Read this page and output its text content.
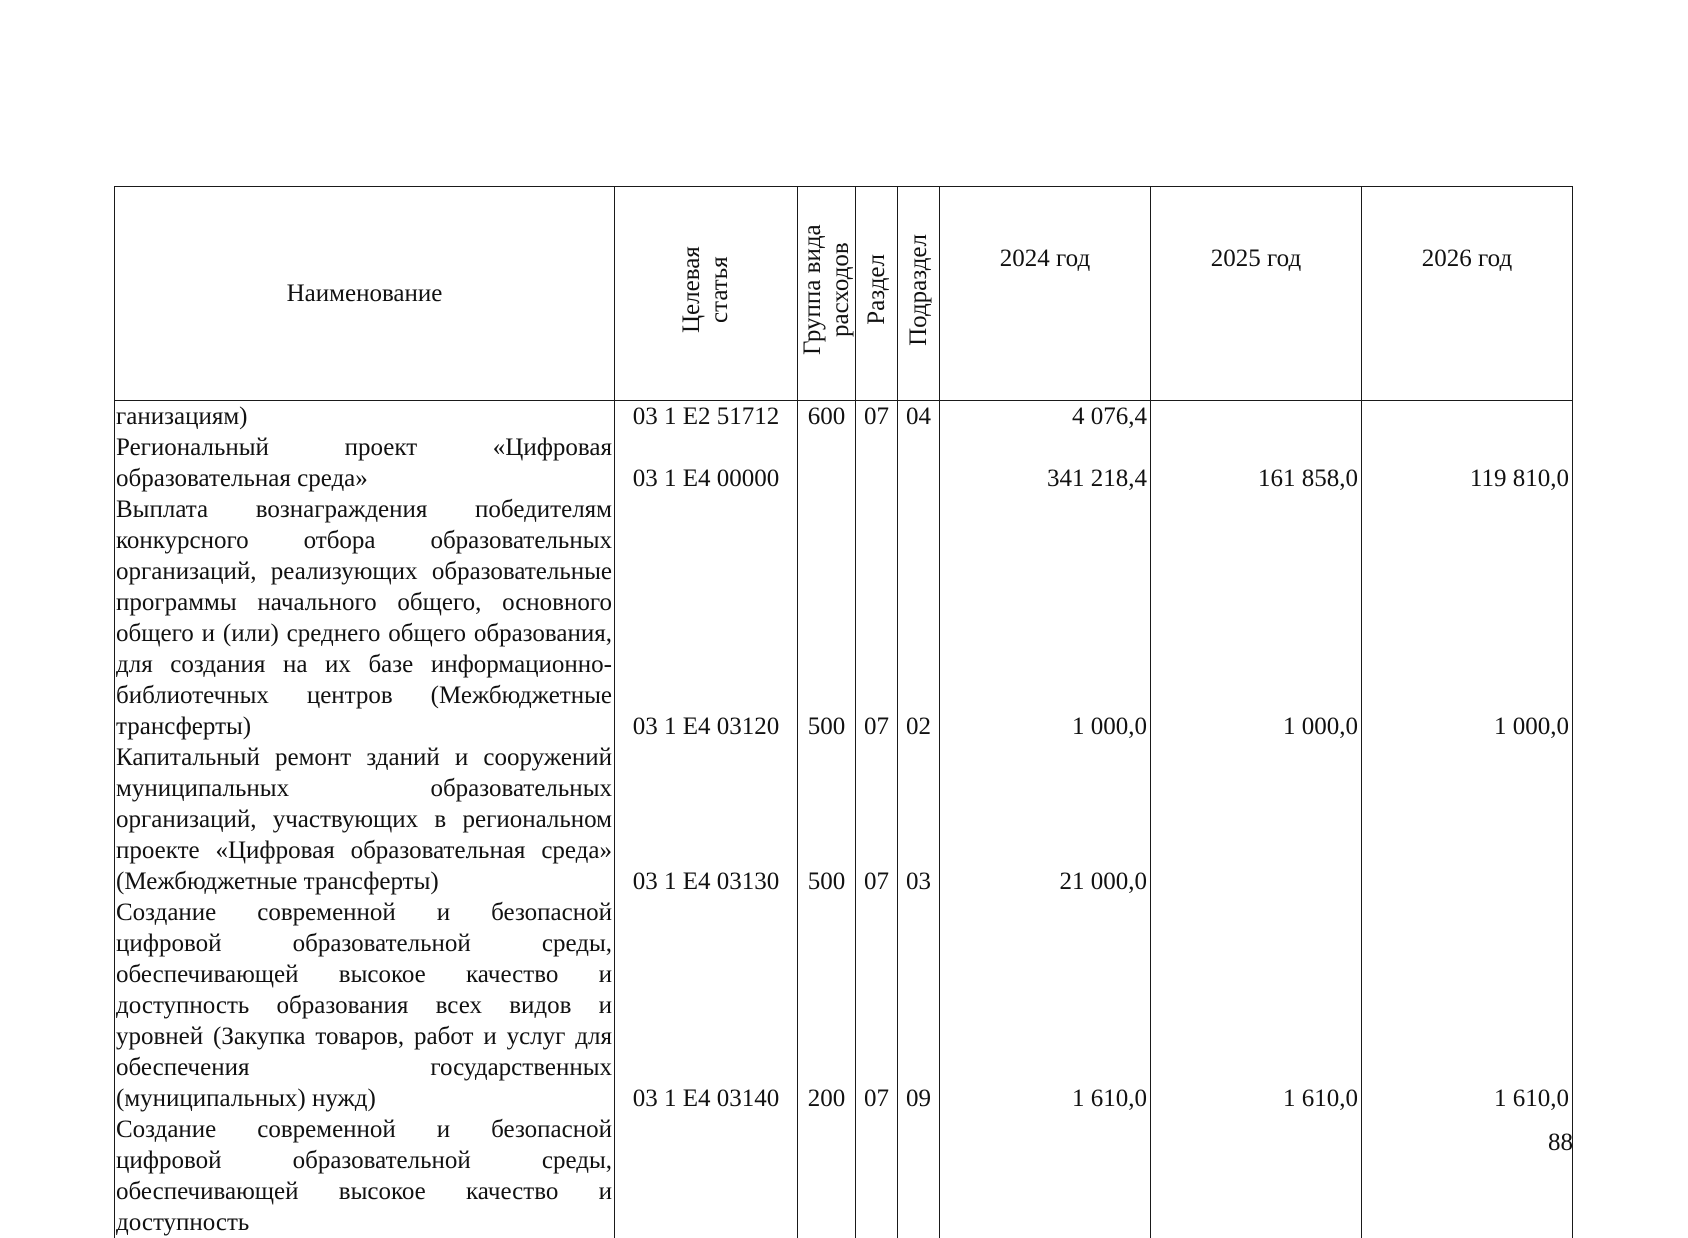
Наименование	Целевая статья	Группа вида расходов	Раздел	Подраздел	2024 год	2025 год	2026 год
ганизациям)	03 1 E2 51712	600	07	04	4 076,4		
Региональный проект «Цифровая образовательная среда»	03 1 E4 00000				341 218,4	161 858,0	119 810,0
Выплата вознаграждения победителям конкурсного отбора образовательных организаций, реализующих образовательные программы начального общего, основного общего и (или) среднего общего образования, для создания на их базе информационно-библиотечных центров (Межбюджетные трансферты)	03 1 E4 03120	500	07	02	1 000,0	1 000,0	1 000,0
Капитальный ремонт зданий и сооружений муниципальных образовательных организаций, участвующих в региональном проекте «Цифровая образовательная среда» (Межбюджетные трансферты)	03 1 E4 03130	500	07	03	21 000,0		
Создание современной и безопасной цифровой образовательной среды, обеспечивающей высокое качество и доступность образования всех видов и уровней (Закупка товаров, работ и услуг для обеспечения государственных (муниципальных) нужд)	03 1 E4 03140	200	07	09	1 610,0	1 610,0	1 610,0
Создание современной и безопасной цифровой образовательной среды, обеспечивающей высокое качество и доступность							
88
